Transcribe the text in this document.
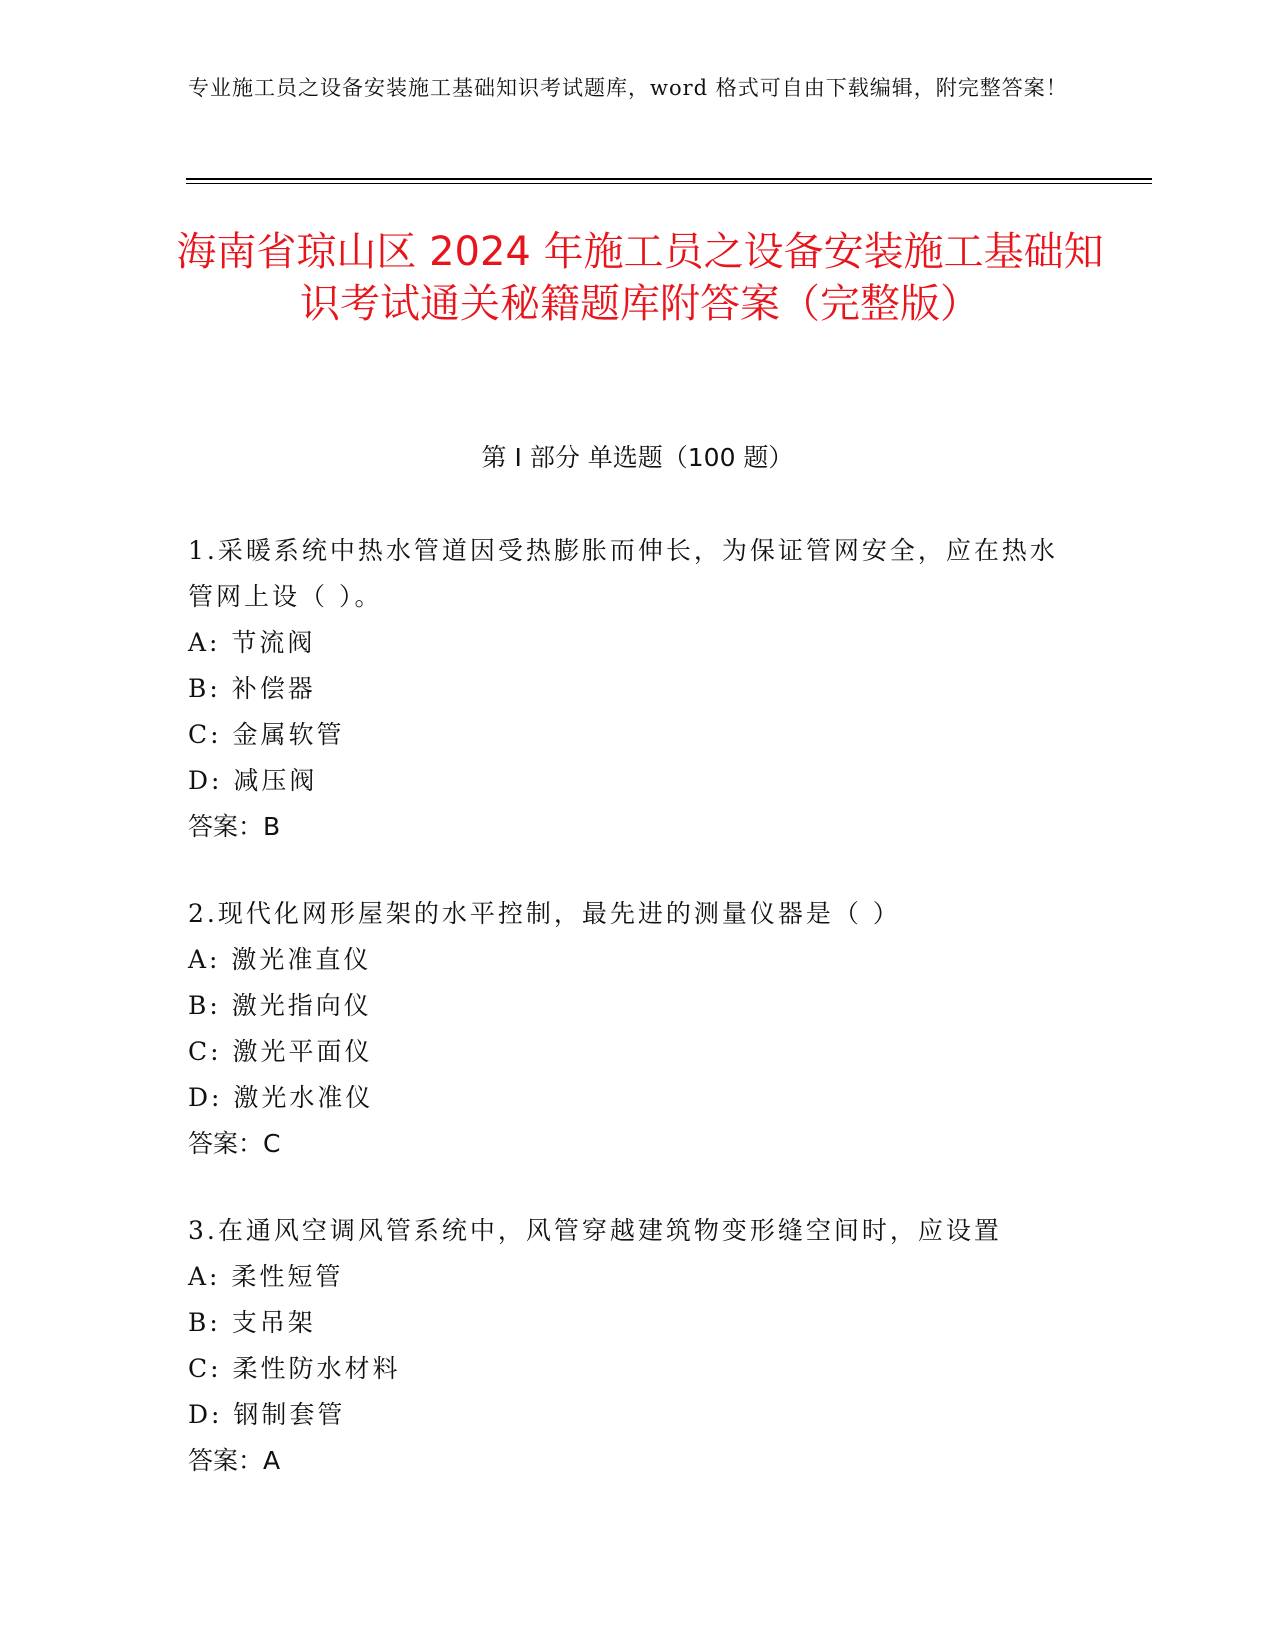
专业施工员之设备安装施工基础知识考试题库，word 格式可自由下载编辑，附完整答案！
海南省琼山区 2024 年施工员之设备安装施工基础知识考试通关秘籍题库附答案（完整版）
第 I 部分 单选题（100 题）
1.采暖系统中热水管道因受热膨胀而伸长，为保证管网安全，应在热水管网上设（ ）。
A: 节流阀
B: 补偿器
C: 金属软管
D: 减压阀
答案：B
2.现代化网形屋架的水平控制，最先进的测量仪器是（ ）
A: 激光准直仪
B: 激光指向仪
C: 激光平面仪
D: 激光水准仪
答案：C
3.在通风空调风管系统中，风管穿越建筑物变形缝空间时，应设置
A: 柔性短管
B: 支吊架
C: 柔性防水材料
D: 钢制套管
答案：A
